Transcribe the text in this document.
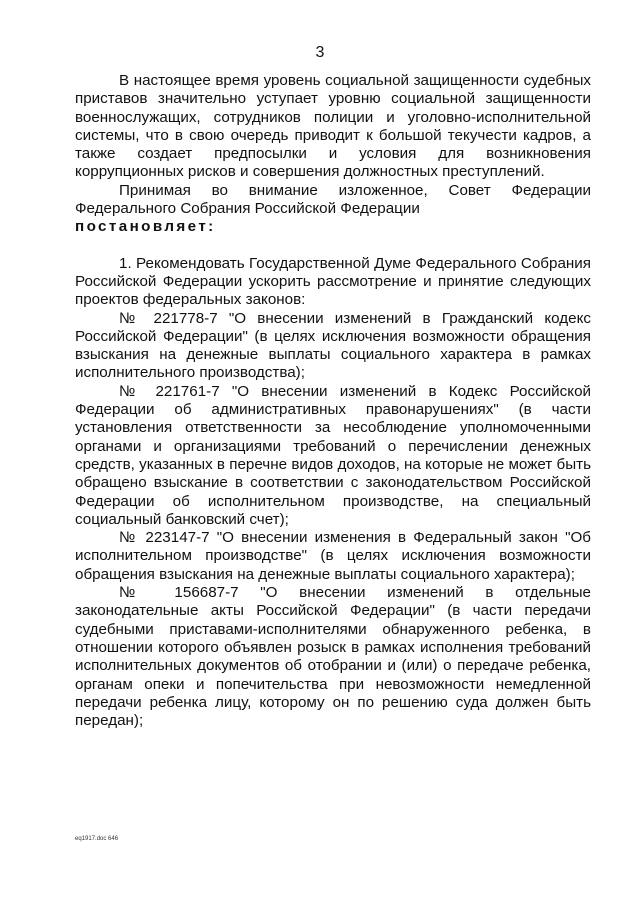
3

В настоящее время уровень социальной защищенности судебных приставов значительно уступает уровню социальной защищенности военнослужащих, сотрудников полиции и уголовно-исполнительной системы, что в свою очередь приводит к большой текучести кадров, а также создает предпосылки и условия для возникновения коррупционных рисков и совершения должностных преступлений.

Принимая во внимание изложенное, Совет Федерации Федерального Собрания Российской Федерации

постановляет:

1. Рекомендовать Государственной Думе Федерального Собрания Российской Федерации ускорить рассмотрение и принятие следующих проектов федеральных законов:

№ 221778-7 "О внесении изменений в Гражданский кодекс Российской Федерации" (в целях исключения возможности обращения взыскания на денежные выплаты социального характера в рамках исполнительного производства);

№ 221761-7 "О внесении изменений в Кодекс Российской Федерации об административных правонарушениях" (в части установления ответственности за несоблюдение уполномоченными органами и организациями требований о перечислении денежных средств, указанных в перечне видов доходов, на которые не может быть обращено взыскание в соответствии с законодательством Российской Федерации об исполнительном производстве, на специальный социальный банковский счет);

№ 223147-7 "О внесении изменения в Федеральный закон "Об исполнительном производстве" (в целях исключения возможности обращения взыскания на денежные выплаты социального характера);

№ 156687-7 "О внесении изменений в отдельные законодательные акты Российской Федерации" (в части передачи судебными приставами-исполнителями обнаруженного ребенка, в отношении которого объявлен розыск в рамках исполнения требований исполнительных документов об отобрании и (или) о передаче ребенка, органам опеки и попечительства при невозможности немедленной передачи ребенка лицу, которому он по решению суда должен быть передан);

eq1917.doc 646
